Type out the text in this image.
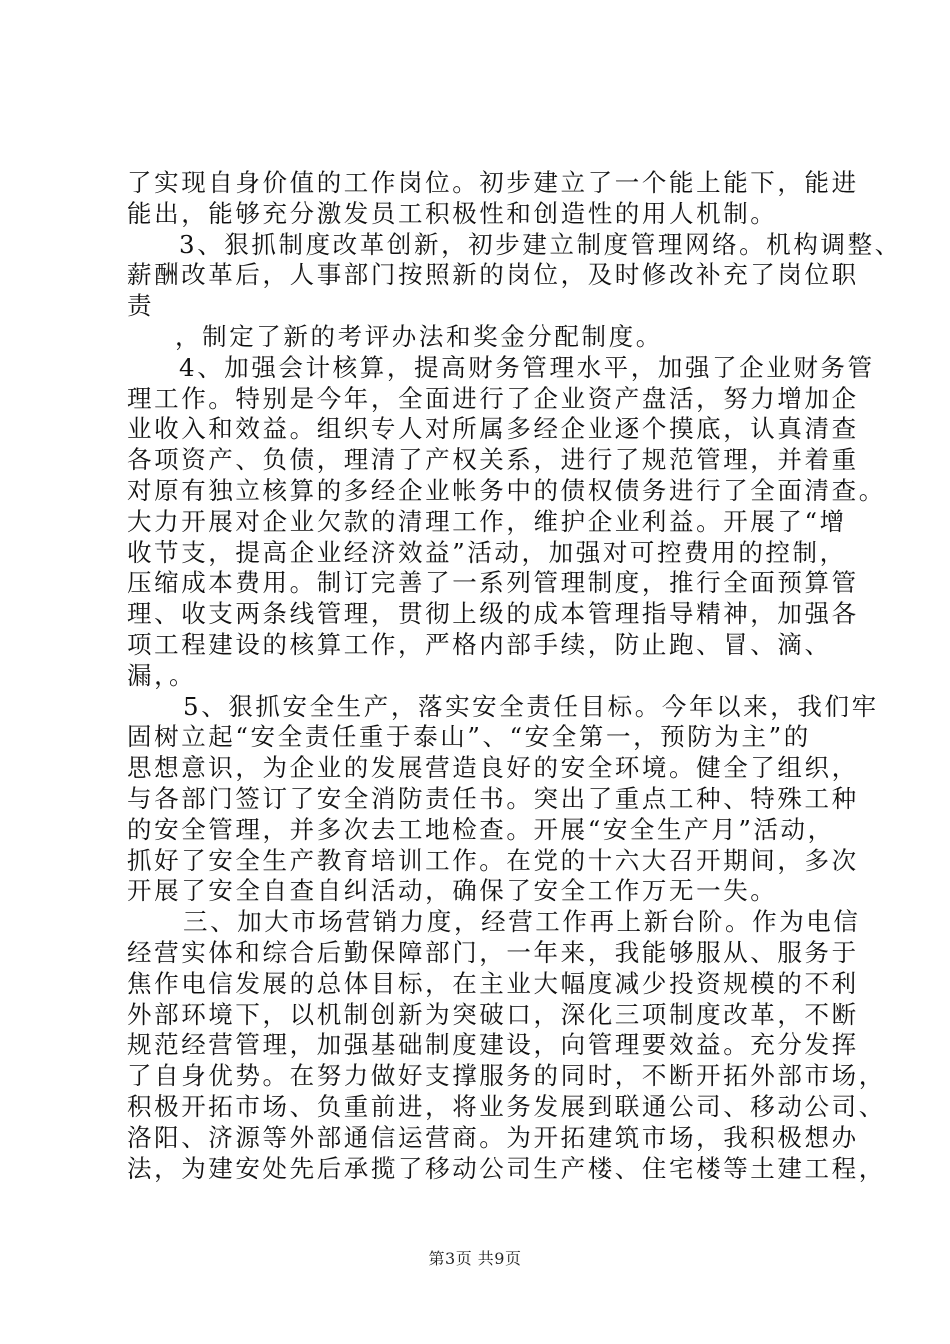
了实现自身价值的工作岗位。初步建立了一个能上能下，能进
能出，能够充分激发员工积极性和创造性的用人机制。
3、狠抓制度改革创新，初步建立制度管理网络。机构调整、
薪酬改革后，人事部门按照新的岗位，及时修改补充了岗位职
责
，制定了新的考评办法和奖金分配制度。
4、加强会计核算，提高财务管理水平，加强了企业财务管
理工作。特别是今年，全面进行了企业资产盘活，努力增加企
业收入和效益。组织专人对所属多经企业逐个摸底，认真清查
各项资产、负债，理清了产权关系，进行了规范管理，并着重
对原有独立核算的多经企业帐务中的债权债务进行了全面清查。
大力开展对企业欠款的清理工作，维护企业利益。开展了“增
收节支，提高企业经济效益”活动，加强对可控费用的控制，
压缩成本费用。制订完善了一系列管理制度，推行全面预算管
理、收支两条线管理，贯彻上级的成本管理指导精神，加强各
项工程建设的核算工作，严格内部手续，防止跑、冒、滴、
漏，。
5、狠抓安全生产，落实安全责任目标。今年以来，我们牢
固树立起“安全责任重于泰山”、“安全第一，预防为主”的
思想意识，为企业的发展营造良好的安全环境。健全了组织，
与各部门签订了安全消防责任书。突出了重点工种、特殊工种
的安全管理，并多次去工地检查。开展“安全生产月”活动，
抓好了安全生产教育培训工作。在党的十六大召开期间，多次
开展了安全自查自纠活动，确保了安全工作万无一失。
三、加大市场营销力度，经营工作再上新台阶。作为电信
经营实体和综合后勤保障部门，一年来，我能够服从、服务于
焦作电信发展的总体目标，在主业大幅度减少投资规模的不利
外部环境下，以机制创新为突破口，深化三项制度改革，不断
规范经营管理，加强基础制度建设，向管理要效益。充分发挥
了自身优势。在努力做好支撑服务的同时，不断开拓外部市场，
积极开拓市场、负重前进，将业务发展到联通公司、移动公司、
洛阳、济源等外部通信运营商。为开拓建筑市场，我积极想办
法，为建安处先后承揽了移动公司生产楼、住宅楼等土建工程，
第3页 共9页
